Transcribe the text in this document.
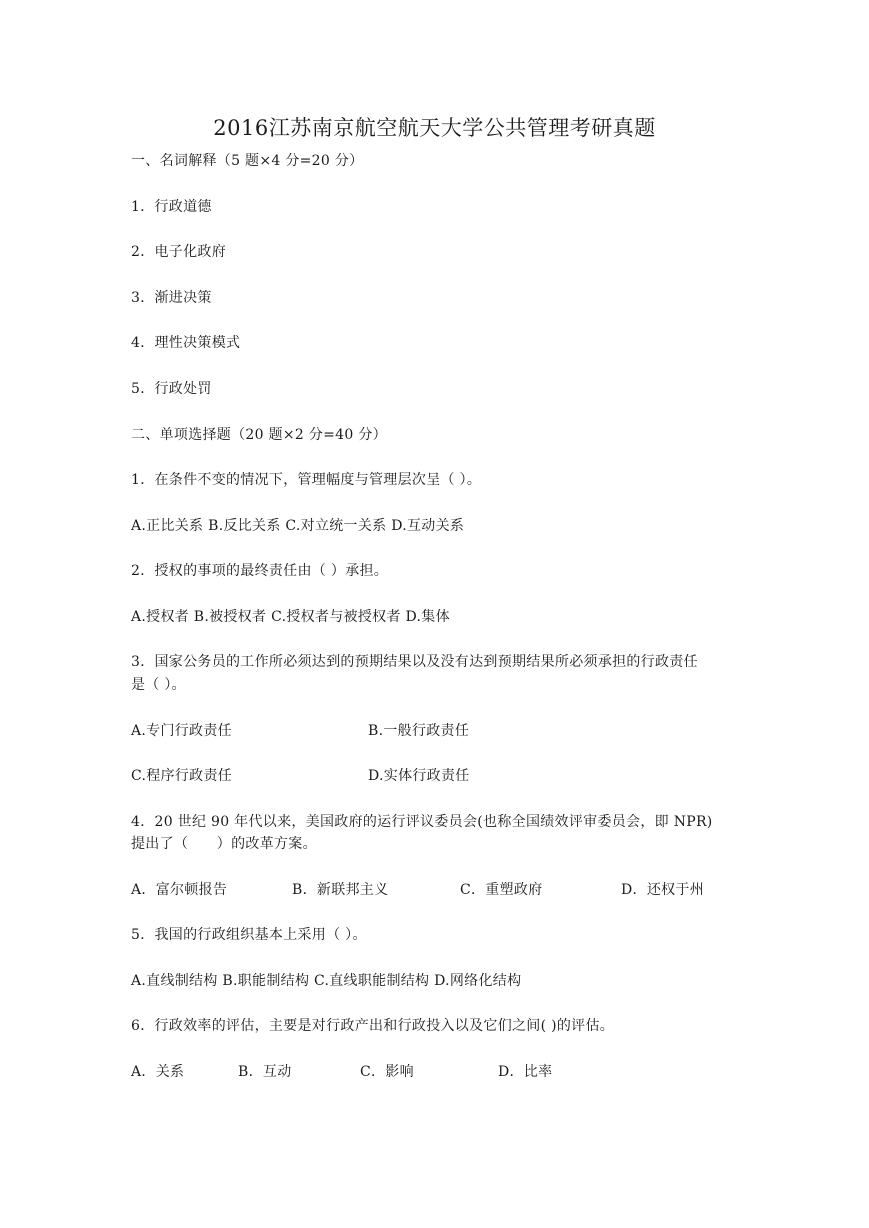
2016江苏南京航空航天大学公共管理考研真题
一、名词解释（5 题×4 分=20 分）
1．行政道德
2．电子化政府
3．渐进决策
4．理性决策模式
5．行政处罚
二、单项选择题（20 题×2 分=40 分）
1．在条件不变的情况下，管理幅度与管理层次呈（ ）。
A.正比关系 B.反比关系 C.对立统一关系 D.互动关系
2．授权的事项的最终责任由（ ）承担。
A.授权者 B.被授权者 C.授权者与被授权者 D.集体
3．国家公务员的工作所必须达到的预期结果以及没有达到预期结果所必须承担的行政责任
是（ ）。
A.专门行政责任	B.一般行政责任
C.程序行政责任	D.实体行政责任
4．20 世纪 90 年代以来，美国政府的运行评议委员会(也称全国绩效评审委员会，即 NPR)
提出了（　　）的改革方案。
A．富尔顿报告	B．新联邦主义	C．重塑政府	D．还权于州
5．我国的行政组织基本上采用（ ）。
A.直线制结构 B.职能制结构 C.直线职能制结构 D.网络化结构
6．行政效率的评估，主要是对行政产出和行政投入以及它们之间( )的评估。
A．关系	B．互动	C．影响	D．比率
